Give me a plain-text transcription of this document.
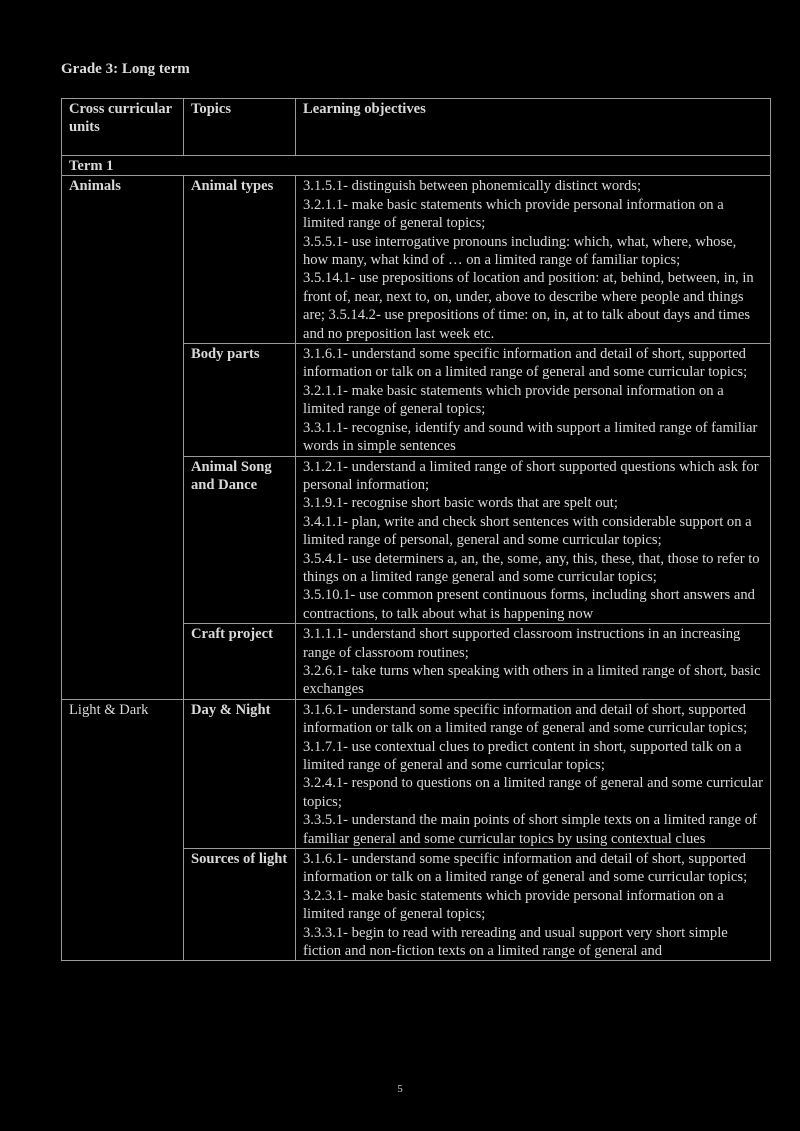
Grade 3: Long term
Cross curricular units	Topics	Learning objectives
Term 1		
Animals	Animal types	3.1.5.1- distinguish between phonemically distinct words;
3.2.1.1- make basic statements which provide personal information on a limited range of general topics;
3.5.5.1- use interrogative pronouns including: which, what, where, whose, how many, what kind of … on a limited range of familiar topics;
3.5.14.1- use prepositions of location and position: at, behind, between, in, in front of, near, next to, on, under, above to describe where people and things are; 3.5.14.2- use prepositions of time: on, in, at to talk about days and times and no preposition last week etc.

	Body parts	3.1.6.1- understand some specific information and detail of short, supported information or talk on a limited range of general and some curricular topics;
3.2.1.1- make basic statements which provide personal information on a limited range of general topics;
3.3.1.1- recognise, identify and sound with support a limited range of familiar words in simple sentences

	Animal Song and Dance	3.1.2.1- understand a limited range of short supported questions which ask for personal information;
3.1.9.1- recognise short basic words that are spelt out;
3.4.1.1- plan, write and check short sentences with considerable support on a limited range of personal, general and some curricular topics;
3.5.4.1- use determiners a, an, the, some, any, this, these, that, those to refer to things on a limited range general and some curricular topics;
3.5.10.1- use common present continuous forms, including short answers and contractions, to talk about what is happening now

	Craft project	3.1.1.1- understand short supported classroom instructions in an increasing range of classroom routines;
3.2.6.1- take turns when speaking with others in a limited range of short, basic exchanges

Light & Dark	Day & Night	3.1.6.1- understand some specific information and detail of short, supported information or talk on a limited range of general and some curricular topics;
3.1.7.1- use contextual clues to predict content in short, supported talk on a limited range of general and some curricular topics;
3.2.4.1- respond to questions on a limited range of general and some curricular topics;
3.3.5.1- understand the main points of short simple texts on a limited range of familiar general and some curricular topics by using contextual clues

	Sources of light	3.1.6.1- understand some specific information and detail of short, supported information or talk on a limited range of general and some curricular topics;
3.2.3.1- make basic statements which provide personal information on a limited range of general topics;
3.3.3.1- begin to read with rereading and usual support very short simple fiction and non-fiction texts on a limited range of general and
5
